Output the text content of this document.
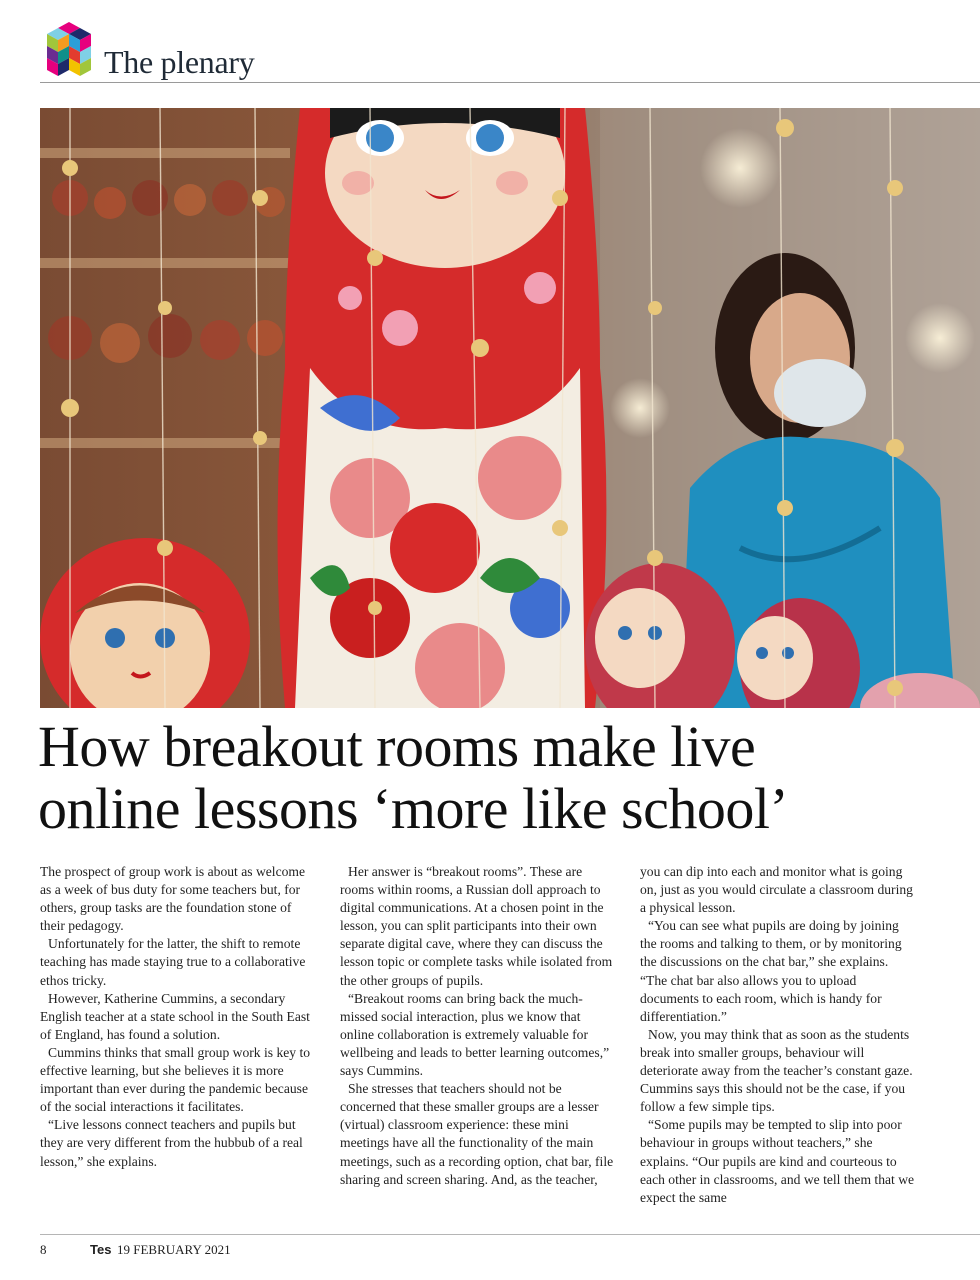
The plenary
How breakout rooms make live
online lessons ‘more like school’

The prospect of group work is about as welcome as a week of bus duty for some teachers but, for others, group tasks are the foundation stone of their pedagogy.

Unfortunately for the latter, the shift to remote teaching has made staying true to a collaborative ethos tricky.

However, Katherine Cummins, a secondary English teacher at a state school in the South East of England, has found a solution.

Cummins thinks that small group work is key to effective learning, but she believes it is more important than ever during the pandemic because of the social interactions it facilitates.

“Live lessons connect teachers and pupils but they are very different from the hubbub of a real lesson,” she explains.

Her answer is “breakout rooms”. These are rooms within rooms, a Russian doll approach to digital communications. At a chosen point in the lesson, you can split participants into their own separate digital cave, where they can discuss the lesson topic or complete tasks while isolated from the other groups of pupils.

“Breakout rooms can bring back the much-missed social interaction, plus we know that online collaboration is extremely valuable for wellbeing and leads to better learning outcomes,” says Cummins.

She stresses that teachers should not be concerned that these smaller groups are a lesser (virtual) classroom experience: these mini meetings have all the functionality of the main meetings, such as a recording option, chat bar, file sharing and screen sharing. And, as the teacher,

you can dip into each and monitor what is going on, just as you would circulate a classroom during a physical lesson.

“You can see what pupils are doing by joining the rooms and talking to them, or by monitoring the discussions on the chat bar,” she explains. “The chat bar also allows you to upload documents to each room, which is handy for differentiation.”

Now, you may think that as soon as the students break into smaller groups, behaviour will deteriorate away from the teacher’s constant gaze. Cummins says this should not be the case, if you follow a few simple tips.

“Some pupils may be tempted to slip into poor behaviour in groups without teachers,” she explains. “Our pupils are kind and courteous to each other in classrooms, and we tell them that we expect the same

8	Tes 19 FEBRUARY 2021
